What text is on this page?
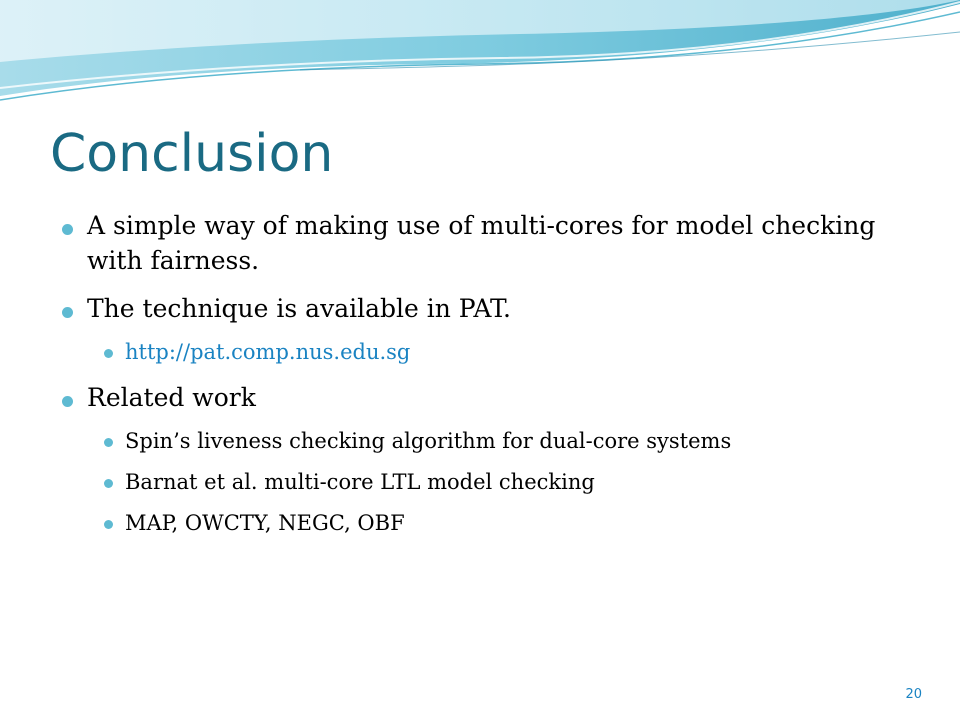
Conclusion
A simple way of making use of multi-cores for model checking with fairness.
The technique is available in PAT.
http://pat.comp.nus.edu.sg
Related work
Spin’s liveness checking algorithm for dual-core systems
Barnat et al. multi-core LTL model checking
MAP, OWCTY, NEGC, OBF
20
